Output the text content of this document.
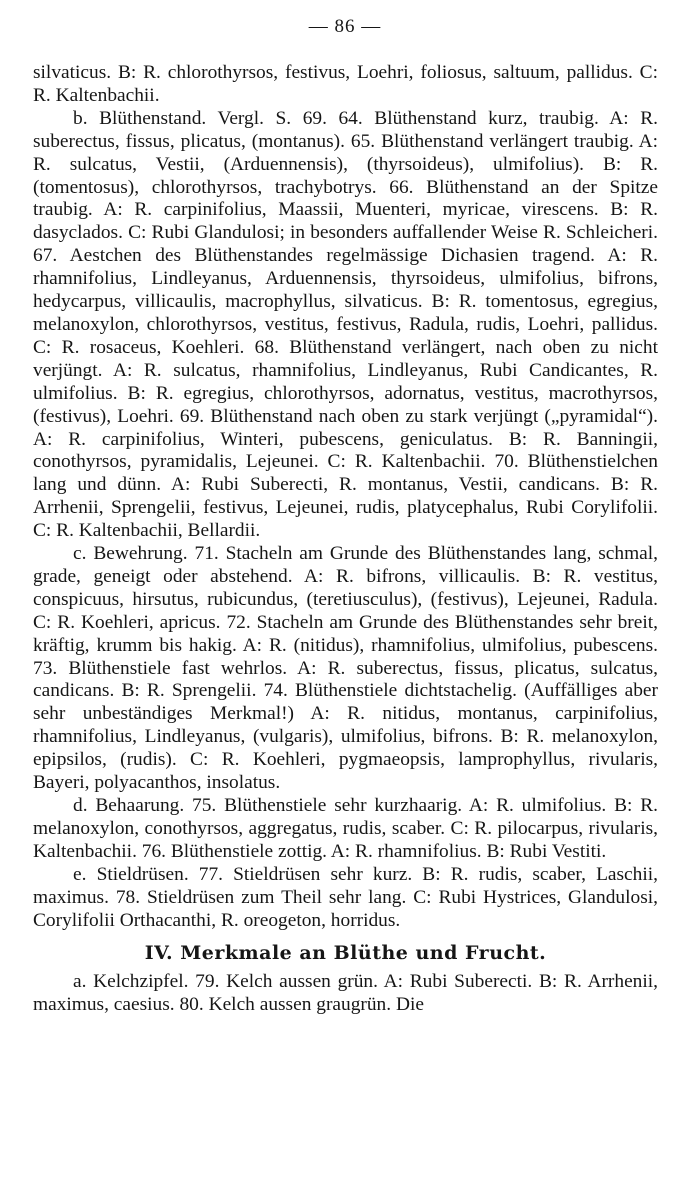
— 86 —

silvaticus. B: R. chlorothyrsos, festivus, Loehri, foliosus, saltuum, pallidus. C: R. Kaltenbachii.

b. Blüthenstand. Vergl. S. 69. 64. Blüthenstand kurz, traubig. A: R. suberectus, fissus, plicatus, (montanus). 65. Blüthenstand verlängert traubig. A: R. sulcatus, Vestii, (Arduennensis), (thyrsoideus), ulmifolius). B: R. (tomentosus), chlorothyrsos, trachybotrys. 66. Blüthenstand an der Spitze traubig. A: R. carpinifolius, Maassii, Muenteri, myricae, virescens. B: R. dasyclados. C: Rubi Glandulosi; in besonders auffallender Weise R. Schleicheri. 67. Aestchen des Blüthenstandes regelmässige Dichasien tragend. A: R. rhamnifolius, Lindleyanus, Arduennensis, thyrsoideus, ulmifolius, bifrons, hedycarpus, villicaulis, macrophyllus, silvaticus. B: R. tomentosus, egregius, melanoxylon, chlorothyrsos, vestitus, festivus, Radula, rudis, Loehri, pallidus. C: R. rosaceus, Koehleri. 68. Blüthenstand verlängert, nach oben zu nicht verjüngt. A: R. sulcatus, rhamnifolius, Lindleyanus, Rubi Candicantes, R. ulmifolius. B: R. egregius, chlorothyrsos, adornatus, vestitus, macrothyrsos, (festivus), Loehri. 69. Blüthenstand nach oben zu stark verjüngt („pyramidal“). A: R. carpinifolius, Winteri, pubescens, geniculatus. B: R. Banningii, conothyrsos, pyramidalis, Lejeunei. C: R. Kaltenbachii. 70. Blüthenstielchen lang und dünn. A: Rubi Suberecti, R. montanus, Vestii, candicans. B: R. Arrhenii, Sprengelii, festivus, Lejeunei, rudis, platycephalus, Rubi Corylifolii. C: R. Kaltenbachii, Bellardii.

c. Bewehrung. 71. Stacheln am Grunde des Blüthenstandes lang, schmal, grade, geneigt oder abstehend. A: R. bifrons, villicaulis. B: R. vestitus, conspicuus, hirsutus, rubicundus, (teretiusculus), (festivus), Lejeunei, Radula. C: R. Koehleri, apricus. 72. Stacheln am Grunde des Blüthenstandes sehr breit, kräftig, krumm bis hakig. A: R. (nitidus), rhamnifolius, ulmifolius, pubescens. 73. Blüthenstiele fast wehrlos. A: R. suberectus, fissus, plicatus, sulcatus, candicans. B: R. Sprengelii. 74. Blüthenstiele dichtstachelig. (Auffälliges aber sehr unbeständiges Merkmal!) A: R. nitidus, montanus, carpinifolius, rhamnifolius, Lindleyanus, (vulgaris), ulmifolius, bifrons. B: R. melanoxylon, epipsilos, (rudis). C: R. Koehleri, pygmaeopsis, lamprophyllus, rivularis, Bayeri, polyacanthos, insolatus.

d. Behaarung. 75. Blüthenstiele sehr kurzhaarig. A: R. ulmifolius. B: R. melanoxylon, conothyrsos, aggregatus, rudis, scaber. C: R. pilocarpus, rivularis, Kaltenbachii. 76. Blüthenstiele zottig. A: R. rhamnifolius. B: Rubi Vestiti.

e. Stieldrüsen. 77. Stieldrüsen sehr kurz. B: R. rudis, scaber, Laschii, maximus. 78. Stieldrüsen zum Theil sehr lang. C: Rubi Hystrices, Glandulosi, Corylifolii Orthacanthi, R. oreogeton, horridus.

IV. Merkmale an Blüthe und Frucht.

a. Kelchzipfel. 79. Kelch aussen grün. A: Rubi Suberecti. B: R. Arrhenii, maximus, caesius. 80. Kelch aussen graugrün. Die
